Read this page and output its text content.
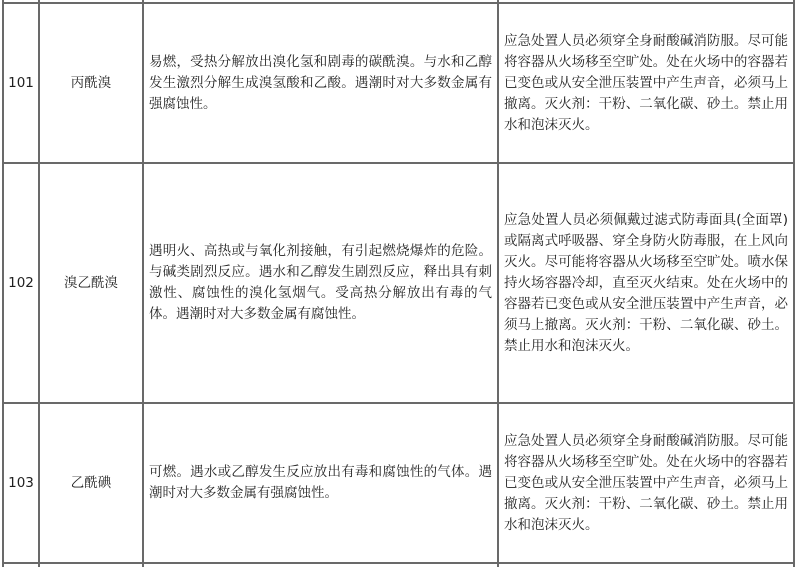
101	丙酰溴	易燃，受热分解放出溴化氢和剧毒的碳酰溴。与水和乙醇发生激烈分解生成溴氢酸和乙酸。遇潮时对大多数金属有强腐蚀性。	应急处置人员必须穿全身耐酸碱消防服。尽可能将容器从火场移至空旷处。处在火场中的容器若已变色或从安全泄压装置中产生声音，必须马上撤离。灭火剂：干粉、二氧化碳、砂土。禁止用水和泡沫灭火。
102	溴乙酰溴	遇明火、高热或与氧化剂接触，有引起燃烧爆炸的危险。与碱类剧烈反应。遇水和乙醇发生剧烈反应，释出具有刺激性、腐蚀性的溴化氢烟气。受高热分解放出有毒的气体。遇潮时对大多数金属有腐蚀性。	应急处置人员必须佩戴过滤式防毒面具(全面罩)或隔离式呼吸器、穿全身防火防毒服，在上风向灭火。尽可能将容器从火场移至空旷处。喷水保持火场容器冷却，直至灭火结束。处在火场中的容器若已变色或从安全泄压装置中产生声音，必须马上撤离。灭火剂：干粉、二氧化碳、砂土。禁止用水和泡沫灭火。
103	乙酰碘	可燃。遇水或乙醇发生反应放出有毒和腐蚀性的气体。遇潮时对大多数金属有强腐蚀性。	应急处置人员必须穿全身耐酸碱消防服。尽可能将容器从火场移至空旷处。处在火场中的容器若已变色或从安全泄压装置中产生声音，必须马上撤离。灭火剂：干粉、二氧化碳、砂土。禁止用水和泡沫灭火。
